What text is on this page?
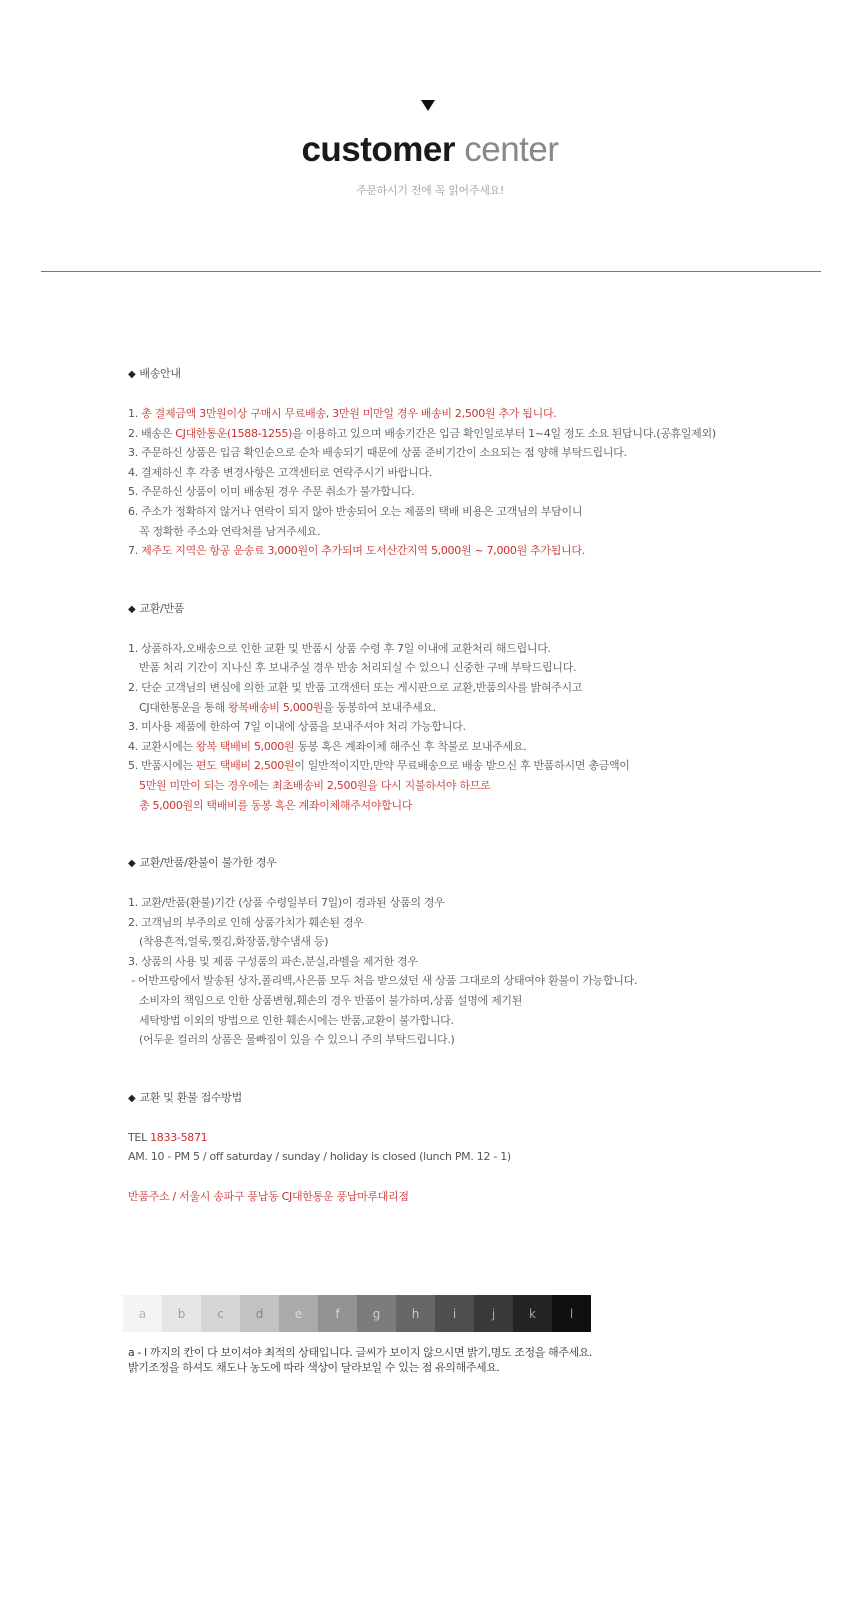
customer center
주문하시기 전에 꼭 읽어주세요!

◆ 배송안내

1. 총 결제금액 3만원이상 구매시 무료배송, 3만원 미만일 경우 배송비 2,500원 추가 됩니다.

2. 배송은 CJ대한통운(1588-1255)을 이용하고 있으며 배송기간은 입금 확인일로부터 1~4일 정도 소요 된답니다.(공휴일제외)

3. 주문하신 상품은 입금 확인순으로 순차 배송되기 때문에 상품 준비기간이 소요되는 점 양해 부탁드립니다.

4. 결제하신 후 각종 변경사항은 고객센터로 연락주시기 바랍니다.

5. 주문하신 상품이 이미 배송된 경우 주문 취소가 불가합니다.

6. 주소가 정확하지 않거나 연락이 되지 않아 반송되어 오는 제품의 택배 비용은 고객님의 부담이니

꼭 정확한 주소와 연락처를 남겨주세요.

7. 제주도 지역은 항공 운송료 3,000원이 추가되며 도서산간지역 5,000원 ~ 7,000원 추가됩니다.

◆ 교환/반품

1. 상품하자,오배송으로 인한 교환 및 반품시 상품 수령 후 7일 이내에 교환처리 해드립니다.

반품 처리 기간이 지나신 후 보내주실 경우 반송 처리되실 수 있으니 신중한 구매 부탁드립니다.

2. 단순 고객님의 변심에 의한 교환 및 반품 고객센터 또는 게시판으로 교환,반품의사를 밝혀주시고

CJ대한통운을 통해 왕복배송비 5,000원을 동봉하여 보내주세요.

3. 미사용 제품에 한하여 7일 이내에 상품을 보내주셔야 처리 가능합니다.

4. 교환시에는 왕복 택배비 5,000원 동봉 혹은 계좌이체 해주신 후 착불로 보내주세요.

5. 반품시에는 편도 택배비 2,500원이 일반적이지만,만약 무료배송으로 배송 받으신 후 반품하시면 총금액이

5만원 미만이 되는 경우에는 최초배송비 2,500원을 다시 지불하셔야 하므로

총 5,000원의 택배비를 동봉 혹은 계좌이체해주셔야합니다

◆ 교환/반품/환불이 불가한 경우

1. 교환/반품(환불)기간 (상품 수령일부터 7일)이 경과된 상품의 경우

2. 고객님의 부주의로 인해 상품가치가 훼손된 경우

(착용흔적,얼룩,찢김,화장품,향수냄새 등)

3. 상품의 사용 및 제품 구성품의 파손,분실,라벨을 제거한 경우

- 어반프랑에서 발송된 상자,폴리백,사은품 모두 처음 받으셨던 새 상품 그대로의 상태여야 환불이 가능합니다.

소비자의 책임으로 인한 상품변형,훼손의 경우 반품이 불가하며,상품 설명에 제기된

세탁방법 이외의 방법으로 인한 훼손시에는 반품,교환이 불가합니다.

(어두운 컬러의 상품은 물빠짐이 있을 수 있으니 주의 부탁드립니다.)

◆ 교환 및 환불 접수방법

TEL 1833-5871

AM. 10 - PM 5 / off saturday / sunday / holiday is closed (lunch PM. 12 - 1)

반품주소 / 서울시 송파구 풍납동 CJ대한통운 풍납마루대리점

a	b	c	d	e	f	g	h	i	j	k	l

a - l 까지의 칸이 다 보이셔야 최적의 상태입니다. 글씨가 보이지 않으시면 밝기,명도 조정을 해주세요.

밝기조정을 하셔도 채도나 농도에 따라 색상이 달라보일 수 있는 점 유의해주세요.
